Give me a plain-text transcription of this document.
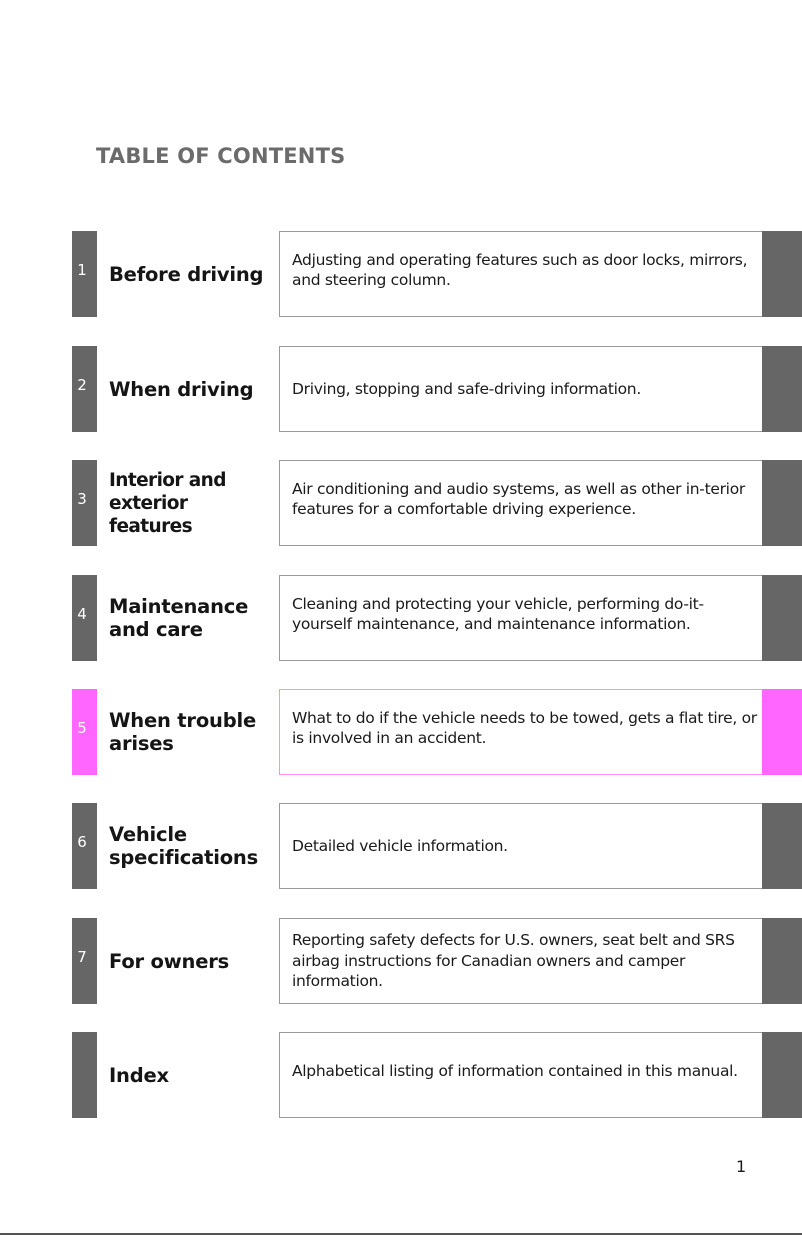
TABLE OF CONTENTS
1 Before driving
Adjusting and operating features such as door locks, mirrors, and steering column.
2 When driving	Driving, stopping and safe-driving information.
3
Interior and
exterior features
Air conditioning and audio systems, as well as other in-terior features for a comfortable driving experience.
4 Maintenance
and care
Cleaning and protecting your vehicle, performing do-it-yourself maintenance, and maintenance information.
5 When trouble
arises
What to do if the vehicle needs to be towed, gets a flat tire, or is involved in an accident.
6 Vehicle
specifications
Detailed vehicle information.
7 For owners
Reporting safety defects for U.S. owners, seat belt and SRS airbag instructions for Canadian owners and camper information.
Index	Alphabetical listing of information contained in this manual.
1
